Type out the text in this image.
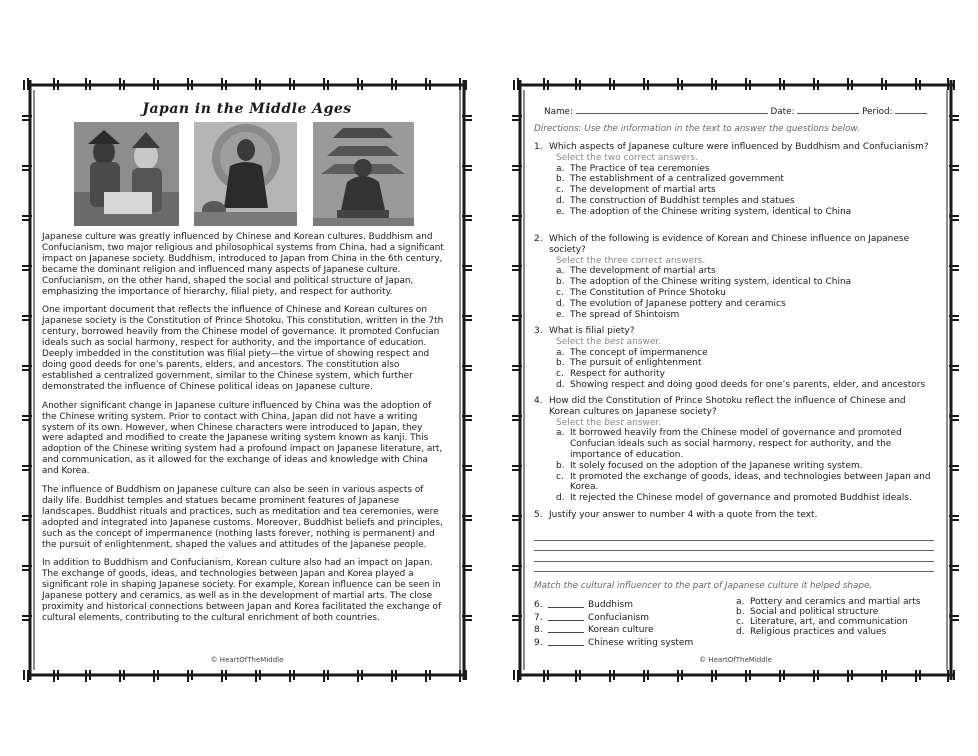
Japan in the Middle Ages

Japanese culture was greatly influenced by Chinese and Korean cultures. Buddhism and Confucianism, two major religious and philosophical systems from China, had a significant impact on Japanese society. Buddhism, introduced to Japan from China in the 6th century, became the dominant religion and influenced many aspects of Japanese culture. Confucianism, on the other hand, shaped the social and political structure of Japan, emphasizing the importance of hierarchy, filial piety, and respect for authority.

One important document that reflects the influence of Chinese and Korean cultures on Japanese society is the Constitution of Prince Shotoku. This constitution, written in the 7th century, borrowed heavily from the Chinese model of governance. It promoted Confucian ideals such as social harmony, respect for authority, and the importance of education. Deeply imbedded in the constitution was filial piety—the virtue of showing respect and doing good deeds for one’s parents, elders, and ancestors. The constitution also established a centralized government, similar to the Chinese system, which further demonstrated the influence of Chinese political ideas on Japanese culture.

Another significant change in Japanese culture influenced by China was the adoption of the Chinese writing system. Prior to contact with China, Japan did not have a writing system of its own. However, when Chinese characters were introduced to Japan, they were adapted and modified to create the Japanese writing system known as kanji. This adoption of the Chinese writing system had a profound impact on Japanese literature, art, and communication, as it allowed for the exchange of ideas and knowledge with China and Korea.

The influence of Buddhism on Japanese culture can also be seen in various aspects of daily life. Buddhist temples and statues became prominent features of Japanese landscapes. Buddhist rituals and practices, such as meditation and tea ceremonies, were adopted and integrated into Japanese customs. Moreover, Buddhist beliefs and principles, such as the concept of impermanence (nothing lasts forever, nothing is permanent) and the pursuit of enlightenment, shaped the values and attitudes of the Japanese people.

In addition to Buddhism and Confucianism, Korean culture also had an impact on Japan. The exchange of goods, ideas, and technologies between Japan and Korea played a significant role in shaping Japanese society. For example, Korean influence can be seen in Japanese pottery and ceramics, as well as in the development of martial arts. The close proximity and historical connections between Japan and Korea facilitated the exchange of cultural elements, contributing to the cultural enrichment of both countries.

© HeartOfTheMiddle
Name:	Date:	Period:
Directions: Use the information in the text to answer the questions below.
1. Which aspects of Japanese culture were influenced by Buddhism and Confucianism?
Select the two correct answers.
a. The Practice of tea ceremonies
b. The establishment of a centralized government
c. The development of martial arts
d. The construction of Buddhist temples and statues
e. The adoption of the Chinese writing system, identical to China
2. Which of the following is evidence of Korean and Chinese influence on Japanese society?
Select the three correct answers.
a. The development of martial arts
b. The adoption of the Chinese writing system, identical to China
c. The Constitution of Prince Shotoku
d. The evolution of Japanese pottery and ceramics
e. The spread of Shintoism
3. What is filial piety?
Select the best answer.
a. The concept of impermanence
b. The pursuit of enlightenment
c. Respect for authority
d. Showing respect and doing good deeds for one’s parents, elder, and ancestors
4. How did the Constitution of Prince Shotoku reflect the influence of Chinese and Korean cultures on Japanese society?
Select the best answer.
a. It borrowed heavily from the Chinese model of governance and promoted Confucian ideals such as social harmony, respect for authority, and the importance of education.
b. It solely focused on the adoption of the Japanese writing system.
c. It promoted the exchange of goods, ideas, and technologies between Japan and Korea.
d. It rejected the Chinese model of governance and promoted Buddhist ideals.
5. Justify your answer to number 4 with a quote from the text.
Match the cultural influencer to the part of Japanese culture it helped shape.
6.	Buddhism
7.	Confucianism
8.	Korean culture
9.	Chinese writing system
a. Pottery and ceramics and martial arts
b. Social and political structure
c. Literature, art, and communication
d. Religious practices and values
© HeartOfTheMiddle
